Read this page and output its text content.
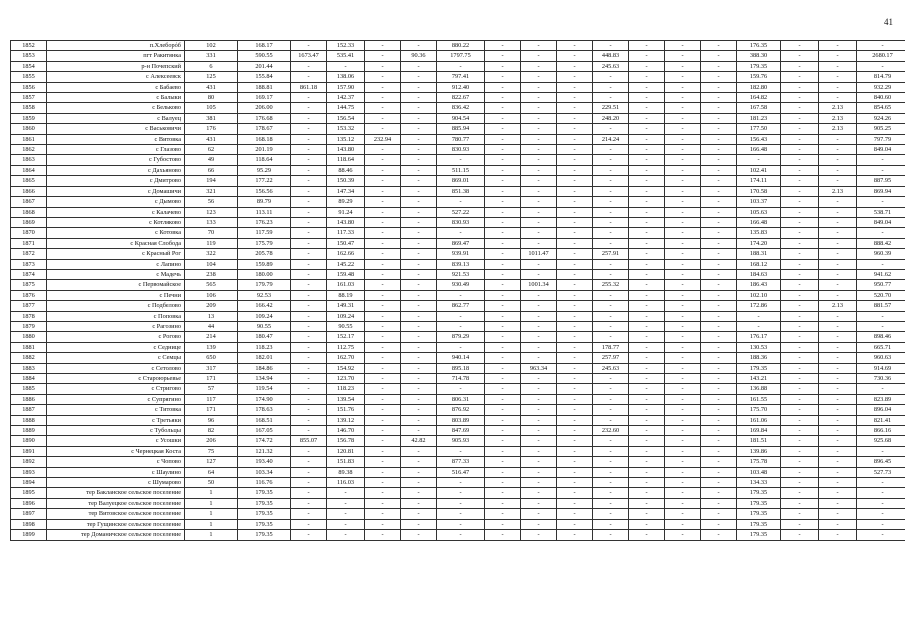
41
1852	п.Хлеборόб	102	168.17	-	152.33	-	-	880.22	-	-	-	-	-	-	-	176.35	-	-	-
1853	пгт Ракитянка	331	590.55	1673.47	535.41	-	90.36	1797.75	-	-	-	448.83	-	-	-	388.30	-	-	2680.17
1854	р-н Почепский	6	201.44	-	-	-	-	-	-	-	-	245.63	-	-	-	179.35	-	-	-
1855	с Алексеевск	125	155.84	-	138.06	-	-	797.41	-	-	-	-	-	-	-	159.76	-	-	814.79
1856	с Бабаево	431	188.81	861.18	157.90	-	-	912.40	-	-	-	-	-	-	-	182.80	-	-	932.29
1857	с Балыки	80	169.17	-	142.37	-	-	822.67	-	-	-	-	-	-	-	164.82	-	-	840.60
1858	с Бельково	105	206.00	-	144.75	-	-	836.42	-	-	-	229.51	-	-	-	167.58	-	2.13	854.65
1859	с Валуец	381	176.68	-	156.54	-	-	904.54	-	-	-	248.20	-	-	-	181.23	-	2.13	924.26
1860	с Васьковичи	176	178.67	-	153.32	-	-	885.94	-	-	-	-	-	-	-	177.50	-	2.13	905.25
1861	с Витовка	431	168.18	-	135.12	232.94	-	780.77	-	-	-	214.24	-	-	-	156.43	-	-	797.79
1862	с Глазово	62	201.19	-	143.80	-	-	830.93	-	-	-	-	-	-	-	166.48	-	-	849.04
1863	с Губостово	49	118.64	-	118.64	-	-	-	-	-	-	-	-	-	-	-	-	-	-
1864	с Дахьяново	66	95.29	-	88.46	-	-	511.15	-	-	-	-	-	-	-	102.41	-	-	-
1865	с Дмитрово	194	177.22	-	150.39	-	-	869.01	-	-	-	-	-	-	-	174.11	-	-	887.95
1866	с Домашичи	321	156.56	-	147.34	-	-	851.38	-	-	-	-	-	-	-	170.58	-	2.13	869.94
1867	с Дымово	56	89.79	-	89.29	-	-	-	-	-	-	-	-	-	-	103.37	-	-	-
1868	с Калачево	123	113.11	-	91.24	-	-	527.22	-	-	-	-	-	-	-	105.63	-	-	538.71
1869	с Котляково	133	176.23	-	143.80	-	-	830.93	-	-	-	-	-	-	-	166.48	-	-	849.04
1870	с Котовка	70	117.59	-	117.33	-	-	-	-	-	-	-	-	-	-	135.83	-	-	-
1871	с Красная Слобода	119	175.79	-	150.47	-	-	869.47	-	-	-	-	-	-	-	174.20	-	-	888.42
1872	с Красный Рог	322	205.78	-	162.66	-	-	939.91	-	1011.47	-	257.91	-	-	-	188.31	-	-	960.39
1873	с Лапино	104	159.89	-	145.22	-	-	839.13	-	-	-	-	-	-	-	168.12	-	-	-
1874	с Мадечь	238	180.00	-	159.48	-	-	921.53	-	-	-	-	-	-	-	184.63	-	-	941.62
1875	с Первомайское	565	179.79	-	161.03	-	-	930.49	-	1001.34	-	255.32	-	-	-	186.43	-	-	950.77
1876	с Печни	106	92.53	-	88.19	-	-	-	-	-	-	-	-	-	-	102.10	-	-	520.70
1877	с Подбелово	209	166.42	-	149.31	-	-	862.77	-	-	-	-	-	-	-	172.86	-	2.13	881.57
1878	с Поповка	13	109.24	-	109.24	-	-	-	-	-	-	-	-	-	-	-	-	-	-
1879	с Рагозино	44	90.55	-	90.55	-	-	-	-	-	-	-	-	-	-	-	-	-	-
1880	с Рогово	214	180.47	-	152.17	-	-	879.29	-	-	-	-	-	-	-	176.17	-	-	898.46
1881	с Седнице	139	118.23	-	112.75	-	-	-	-	-	-	178.77	-	-	-	130.53	-	-	665.71
1882	с Семцы	650	182.01	-	162.70	-	-	940.14	-	-	-	257.97	-	-	-	188.36	-	-	960.63
1883	с Сетолово	317	184.86	-	154.92	-	-	895.18	-	963.34	-	245.63	-	-	-	179.35	-	-	914.69
1884	с Староюрьевье	171	134.94	-	123.70	-	-	714.78	-	-	-	-	-	-	-	143.21	-	-	730.36
1885	с Стригово	57	119.54	-	118.23	-	-	-	-	-	-	-	-	-	-	136.88	-	-	-
1886	с Супрягино	117	174.90	-	139.54	-	-	806.31	-	-	-	-	-	-	-	161.55	-	-	823.89
1887	с Титовка	171	178.63	-	151.76	-	-	876.92	-	-	-	-	-	-	-	175.70	-	-	896.04
1888	с Третьяки	96	168.51	-	139.12	-	-	803.89	-	-	-	-	-	-	-	161.06	-	-	821.41
1889	с Тубольцы	82	167.05	-	146.70	-	-	847.69	-	-	-	232.60	-	-	-	169.84	-	-	866.16
1890	с Усошки	206	174.72	855.07	156.78	-	42.82	905.93	-	-	-	-	-	-	-	181.51	-	-	925.68
1891	с Чернецкая Коста	75	121.32	-	120.81	-	-	-	-	-	-	-	-	-	-	139.86	-	-	-
1892	с Чопово	127	193.40	-	151.83	-	-	877.33	-	-	-	-	-	-	-	175.78	-	-	896.45
1893	с Шаулино	64	103.34	-	89.38	-	-	516.47	-	-	-	-	-	-	-	103.48	-	-	527.73
1894	с Шумарово	50	116.76	-	116.03	-	-	-	-	-	-	-	-	-	-	134.33	-	-	-
1895	тер Бакланское сельское поселение	1	179.35	-	-	-	-	-	-	-	-	-	-	-	-	179.35	-	-	-
1896	тер Валуецкое сельское поселение	1	179.35	-	-	-	-	-	-	-	-	-	-	-	-	179.35	-	-	-
1897	тер Витовское сельское поселение	1	179.35	-	-	-	-	-	-	-	-	-	-	-	-	179.35	-	-	-
1898	тер Гущинское сельское поселение	1	179.35	-	-	-	-	-	-	-	-	-	-	-	-	179.35	-	-	-
1899	тер Доманичское сельское поселение	1	179.35	-	-	-	-	-	-	-	-	-	-	-	-	179.35	-	-	-
